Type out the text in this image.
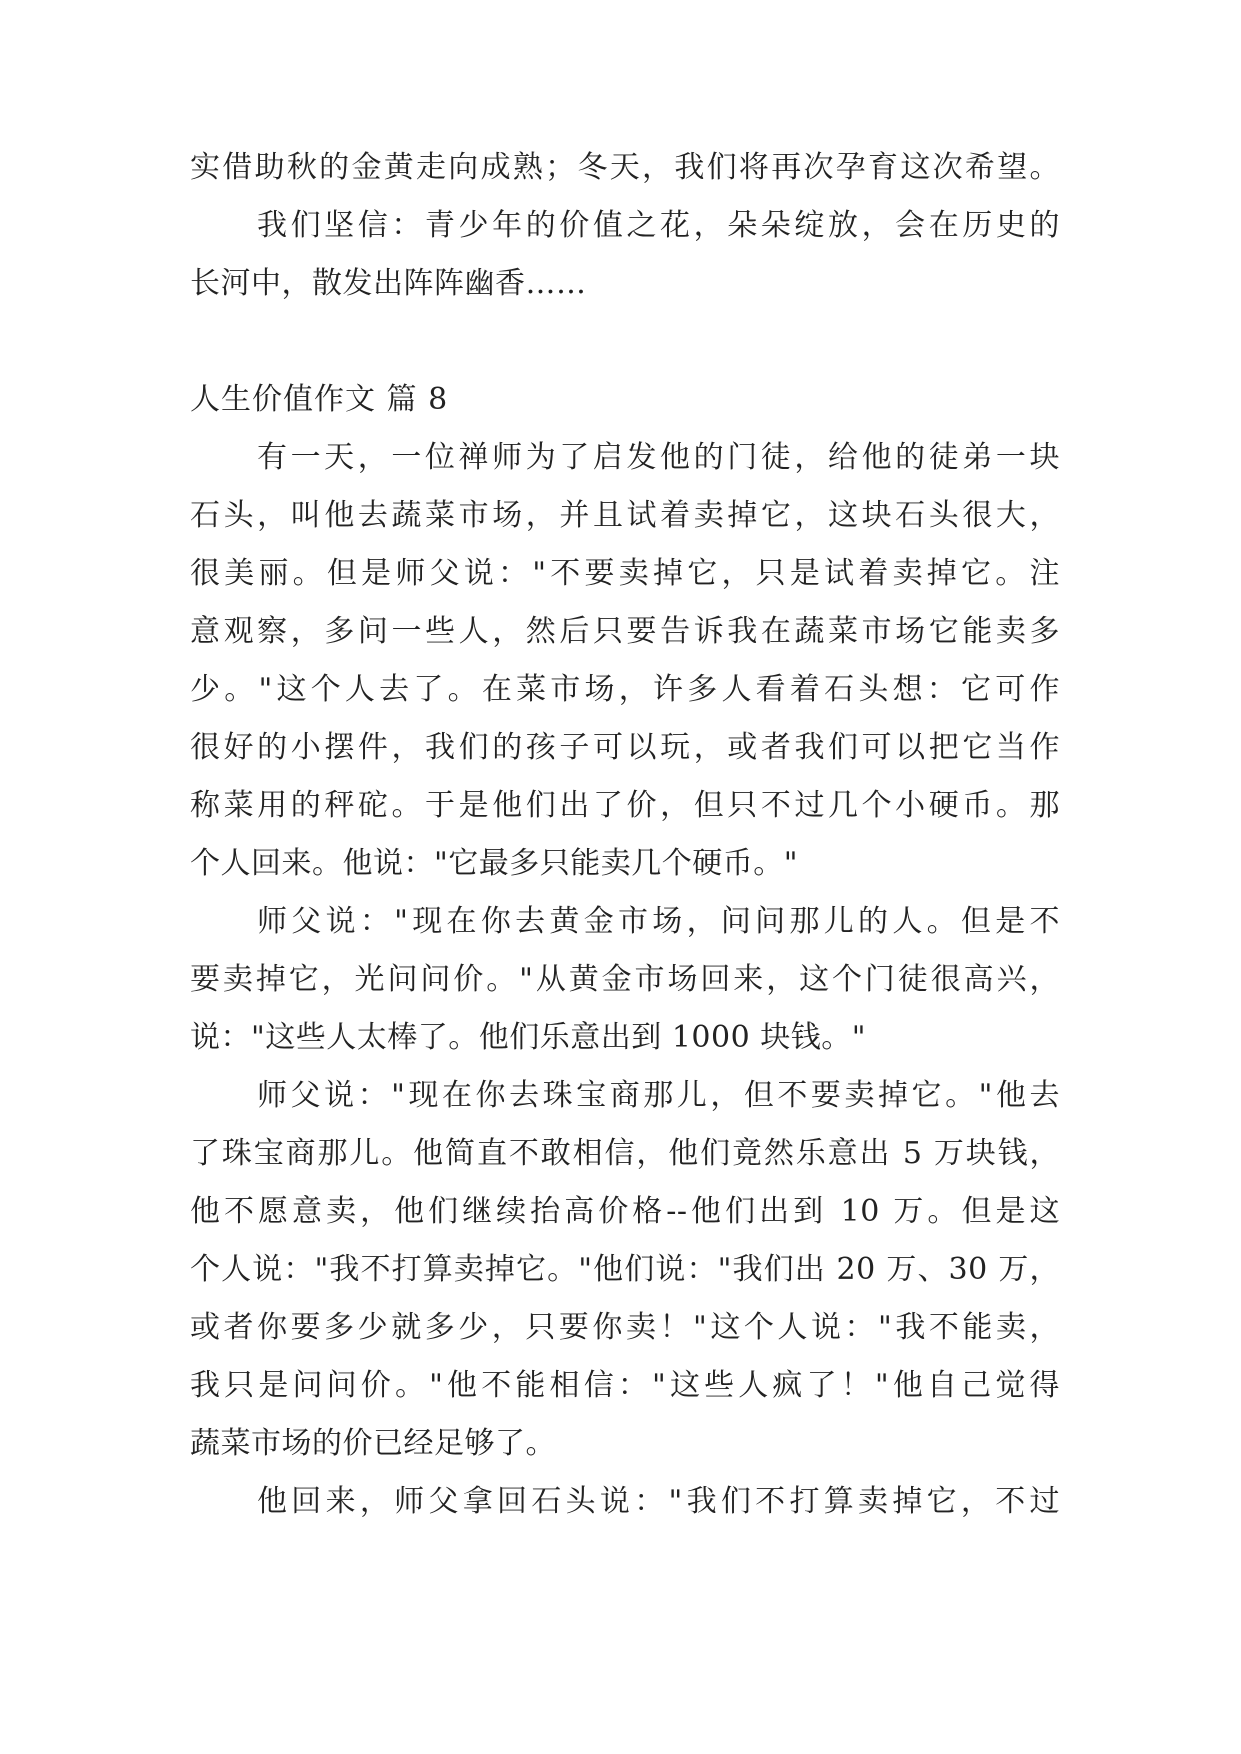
实借助秋的金黄走向成熟；冬天，我们将再次孕育这次希望。
我们坚信：青少年的价值之花，朵朵绽放，会在历史的
长河中，散发出阵阵幽香……
人生价值作文 篇 8
有一天，一位禅师为了启发他的门徒，给他的徒弟一块
石头，叫他去蔬菜市场，并且试着卖掉它，这块石头很大，
很美丽。但是师父说："不要卖掉它，只是试着卖掉它。注
意观察，多问一些人，然后只要告诉我在蔬菜市场它能卖多
少。"这个人去了。在菜市场，许多人看着石头想：它可作
很好的小摆件，我们的孩子可以玩，或者我们可以把它当作
称菜用的秤砣。于是他们出了价，但只不过几个小硬币。那
个人回来。他说："它最多只能卖几个硬币。"
师父说："现在你去黄金市场，问问那儿的人。但是不
要卖掉它，光问问价。"从黄金市场回来，这个门徒很高兴，
说："这些人太棒了。他们乐意出到 1000 块钱。"
师父说："现在你去珠宝商那儿，但不要卖掉它。"他去
了珠宝商那儿。他简直不敢相信，他们竟然乐意出 5 万块钱，
他不愿意卖，他们继续抬高价格--他们出到 10 万。但是这
个人说："我不打算卖掉它。"他们说："我们出 20 万、30 万，
或者你要多少就多少，只要你卖！"这个人说："我不能卖，
我只是问问价。"他不能相信："这些人疯了！"他自己觉得
蔬菜市场的价已经足够了。
他回来，师父拿回石头说："我们不打算卖掉它，不过
